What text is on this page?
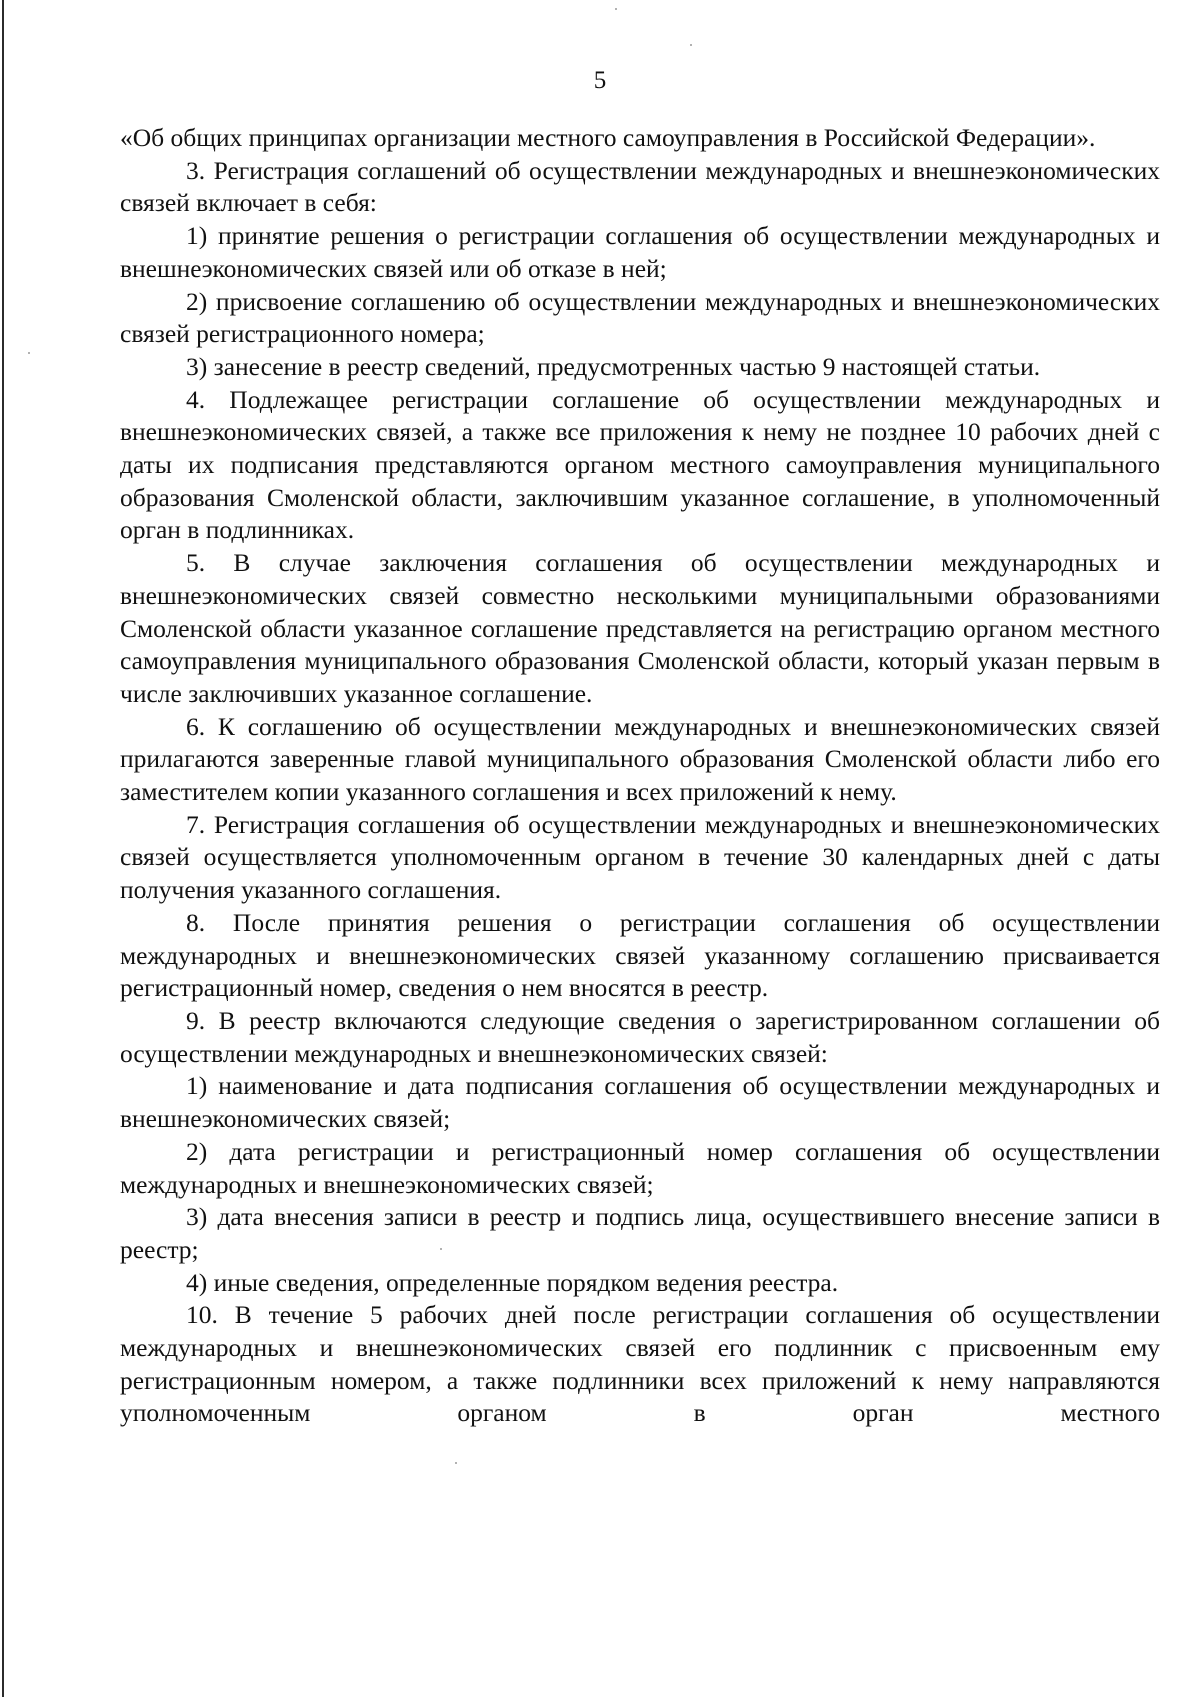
5

«Об общих принципах организации местного самоуправления в Российской Федерации».

3. Регистрация соглашений об осуществлении международных и внешнеэкономических связей включает в себя:

1) принятие решения о регистрации соглашения об осуществлении международных и внешнеэкономических связей или об отказе в ней;

2) присвоение соглашению об осуществлении международных и внешнеэкономических связей регистрационного номера;

3) занесение в реестр сведений, предусмотренных частью 9 настоящей статьи.

4. Подлежащее регистрации соглашение об осуществлении международных и внешнеэкономических связей, а также все приложения к нему не позднее 10 рабочих дней с даты их подписания представляются органом местного самоуправления муниципального образования Смоленской области, заключившим указанное соглашение, в уполномоченный орган в подлинниках.

5. В случае заключения соглашения об осуществлении международных и внешнеэкономических связей совместно несколькими муниципальными образованиями Смоленской области указанное соглашение представляется на регистрацию органом местного самоуправления муниципального образования Смоленской области, который указан первым в числе заключивших указанное соглашение.

6. К соглашению об осуществлении международных и внешнеэкономических связей прилагаются заверенные главой муниципального образования Смоленской области либо его заместителем копии указанного соглашения и всех приложений к нему.

7. Регистрация соглашения об осуществлении международных и внешнеэкономических связей осуществляется уполномоченным органом в течение 30 календарных дней с даты получения указанного соглашения.

8. После принятия решения о регистрации соглашения об осуществлении международных и внешнеэкономических связей указанному соглашению присваивается регистрационный номер, сведения о нем вносятся в реестр.

9. В реестр включаются следующие сведения о зарегистрированном соглашении об осуществлении международных и внешнеэкономических связей:

1) наименование и дата подписания соглашения об осуществлении международных и внешнеэкономических связей;

2) дата регистрации и регистрационный номер соглашения об осуществлении международных и внешнеэкономических связей;

3) дата внесения записи в реестр и подпись лица, осуществившего внесение записи в реестр;

4) иные сведения, определенные порядком ведения реестра.

10. В течение 5 рабочих дней после регистрации соглашения об осуществлении международных и внешнеэкономических связей его подлинник с присвоенным ему регистрационным номером, а также подлинники всех приложений к нему направляются уполномоченным органом в орган местного
